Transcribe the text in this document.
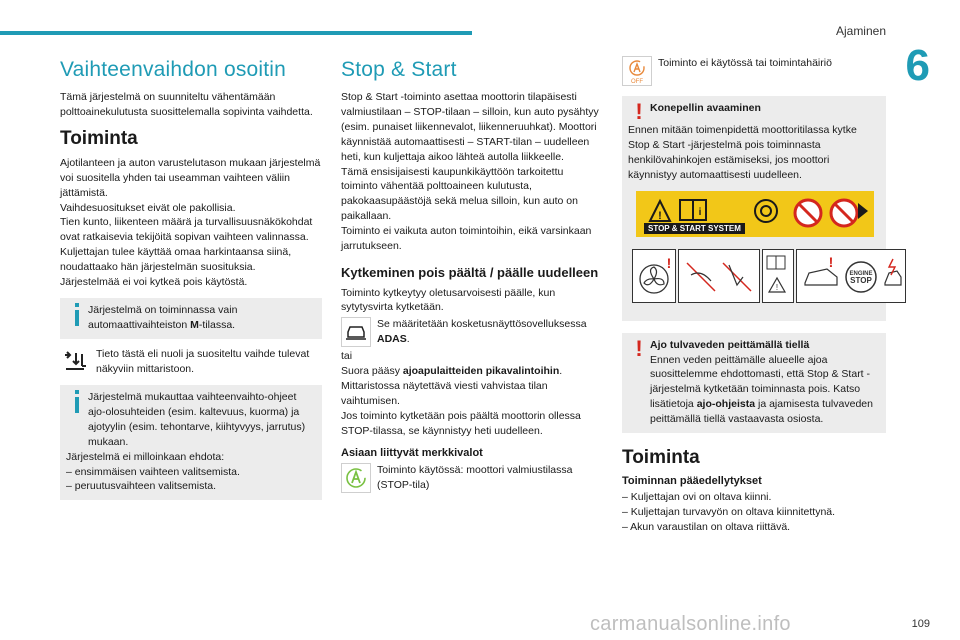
Ajaminen
6
Vaihteenvaihdon osoitin

Tämä järjestelmä on suunniteltu vähentämään polttoainekulutusta suosittelemalla sopivinta vaihdetta.

Toiminta

Ajotilanteen ja auton varustelutason mukaan järjestelmä voi suositella yhden tai useamman vaihteen väliin jättämistä.

Vaihdesuositukset eivät ole pakollisia.

Tien kunto, liikenteen määrä ja turvallisuusnäkökohdat ovat ratkaisevia tekijöitä sopivan vaihteen valinnassa. Kuljettajan tulee käyttää omaa harkintaansa siinä, noudattaako hän järjestelmän suosituksia.

Järjestelmää ei voi kytkeä pois käytöstä.

Järjestelmä on toiminnassa vain automaattivaihteiston M-tilassa.

Tieto tästä eli nuoli ja suositeltu vaihde tulevat näkyviin mittaristoon.

Järjestelmä mukauttaa vaihteenvaihto-ohjeet ajo-olosuhteiden (esim. kaltevuus, kuorma) ja ajotyylin (esim. tehontarve, kiihtyvyys, jarrutus) mukaan.

Järjestelmä ei milloinkaan ehdota:

– ensimmäisen vaihteen valitsemista.

– peruutusvaihteen valitsemista.

Stop & Start

Stop & Start -toiminto asettaa moottorin tilapäisesti valmiustilaan – STOP-tilaan – silloin, kun auto pysähtyy (esim. punaiset liikennevalot, liikenneruuhkat). Moottori käynnistää automaattisesti – START-tilan – uudelleen heti, kun kuljettaja aikoo lähteä autolla liikkeelle.

Tämä ensisijaisesti kaupunkikäyttöön tarkoitettu toiminto vähentää polttoaineen kulutusta, pakokaasupäästöjä sekä melua silloin, kun auto on paikallaan.

Toiminto ei vaikuta auton toimintoihin, eikä varsinkaan jarrutukseen.

Kytkeminen pois päältä / päälle uudelleen

Toiminto kytkeytyy oletusarvoisesti päälle, kun sytytysvirta kytketään.

Se määritetään kosketusnäyttösovelluksessa ADAS.

tai

Suora pääsy ajoapulaitteiden pikavalintoihin.

Mittaristossa näytettävä viesti vahvistaa tilan vaihtumisen.

Jos toiminto kytketään pois päältä moottorin ollessa STOP-tilassa, se käynnistyy heti uudelleen.

Asiaan liittyvät merkkivalot

Toiminto käytössä: moottori valmiustilassa (STOP-tila)

OFF

Toiminto ei käytössä tai toimintahäiriö

! Konepellin avaaminen

Ennen mitään toimenpidettä moottoritilassa kytke Stop & Start -järjestelmä pois toiminnasta henkilövahinkojen estämiseksi, jos moottori käynnistyy automaattisesti uudelleen.

!	i
STOP & START SYSTEM
!
!
!
ENGINE
STOP
! Ajo tulvaveden peittämällä tiellä

Ennen veden peittämälle alueelle ajoa suosittelemme ehdottomasti, että Stop & Start -järjestelmä kytketään toiminnasta pois. Katso lisätietoja ajo-ohjeista ja ajamisesta tulvaveden peittämällä tiellä vastaavasta osiosta.

Toiminta
Toiminnan pääedellytykset
– Kuljettajan ovi on oltava kiinni.
– Kuljettajan turvavyön on oltava kiinnitettynä.
– Akun varaustilan on oltava riittävä.
carmanualsonline.info	109
